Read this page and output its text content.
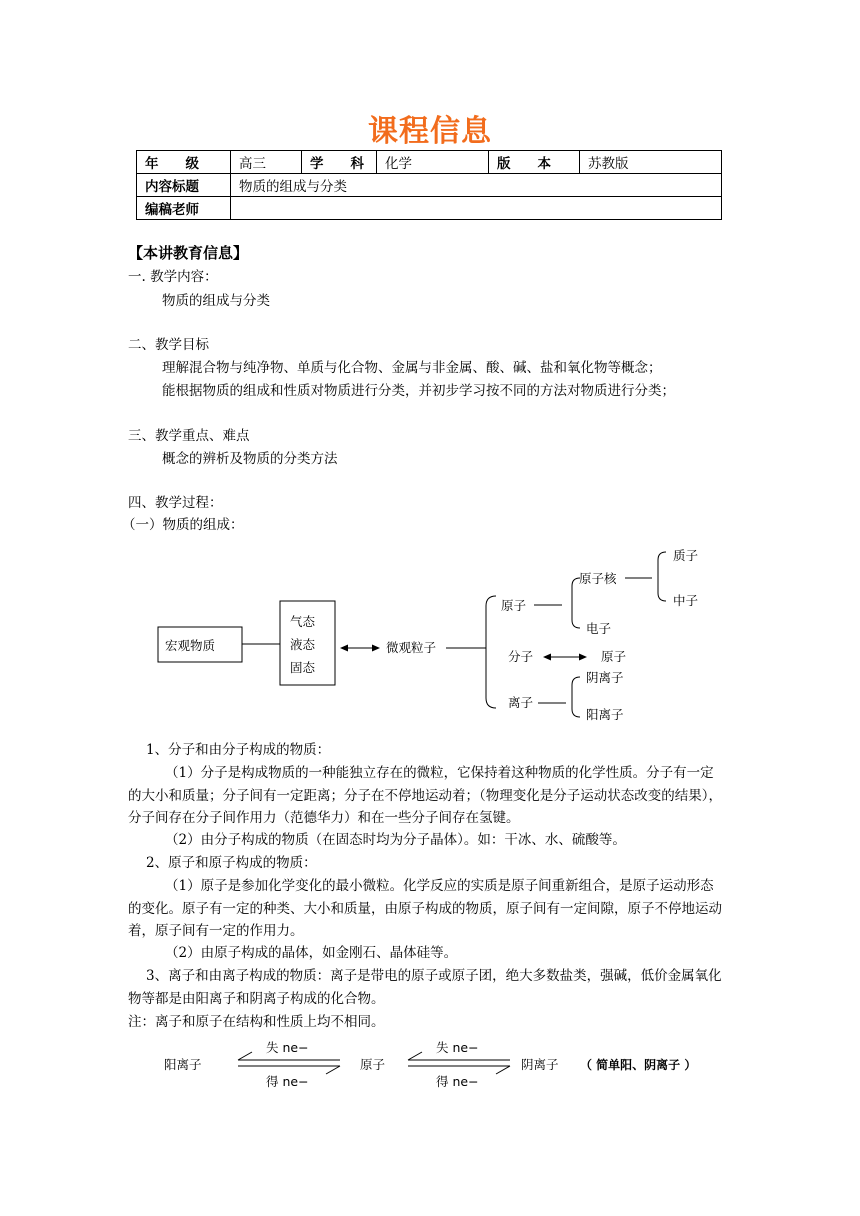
课程信息
年　　级	高三	学　　科	化学	版　　本	苏教版
内容标题	物质的组成与分类				
编稿老师					
【本讲教育信息】
一. 教学内容：
物质的组成与分类
二、教学目标
理解混合物与纯净物、单质与化合物、金属与非金属、酸、碱、盐和氧化物等概念；
能根据物质的组成和性质对物质进行分类，并初步学习按不同的方法对物质进行分类；
三、教学重点、难点
概念的辨析及物质的分类方法
四、教学过程：
（一）物质的组成：
宏观物质
气态
液态
固态
微观粒子
原子
原子核
质子
中子
电子
分子	原子
离子
阴离子
阳离子
阳离子
失 ne−
得 ne−
原子
失 ne−
得 ne−
阴离子 （ 简单阳、阴离子 ）
1、分子和由分子构成的物质：
（1）分子是构成物质的一种能独立存在的微粒，它保持着这种物质的化学性质。分子有一定的大小和质量；分子间有一定距离；分子在不停地运动着；（物理变化是分子运动状态改变的结果），分子间存在分子间作用力（范德华力）和在一些分子间存在氢键。
（2）由分子构成的物质（在固态时均为分子晶体）。如：干冰、水、硫酸等。
2、原子和原子构成的物质：
（1）原子是参加化学变化的最小微粒。化学反应的实质是原子间重新组合，是原子运动形态的变化。原子有一定的种类、大小和质量，由原子构成的物质，原子间有一定间隙，原子不停地运动着，原子间有一定的作用力。
（2）由原子构成的晶体，如金刚石、晶体硅等。
3、离子和由离子构成的物质：离子是带电的原子或原子团，绝大多数盐类，强碱，低价金属氧化物等都是由阳离子和阴离子构成的化合物。
注：离子和原子在结构和性质上均不相同。
